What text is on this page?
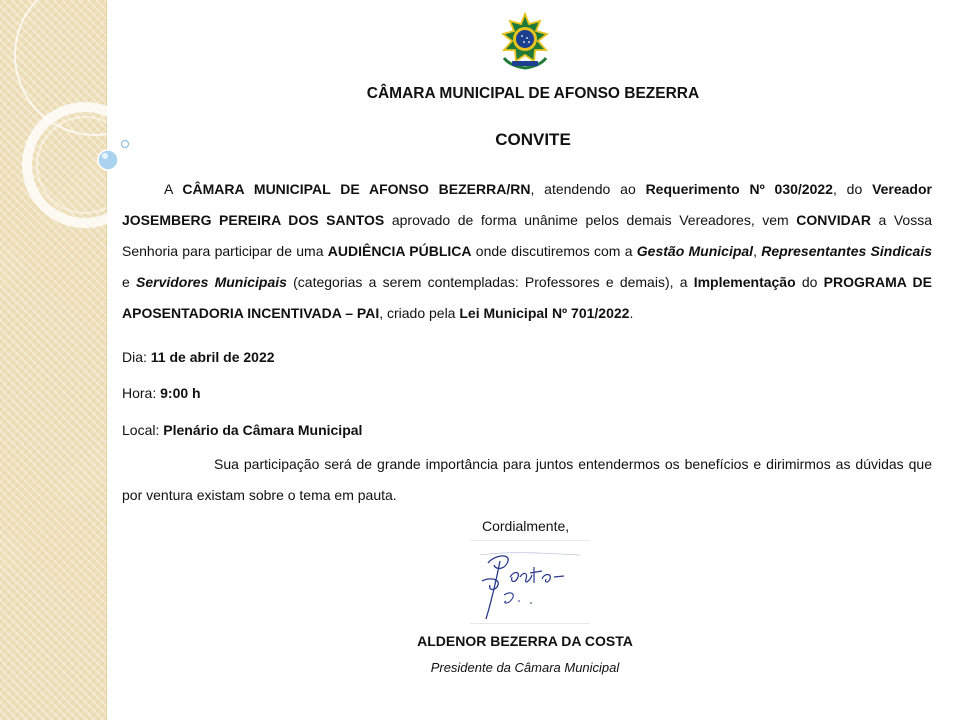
CÂMARA MUNICIPAL DE AFONSO BEZERRA
CONVITE

A CÂMARA MUNICIPAL DE AFONSO BEZERRA/RN, atendendo ao Requerimento Nº 030/2022, do Vereador JOSEMBERG PEREIRA DOS SANTOS aprovado de forma unânime pelos demais Vereadores, vem CONVIDAR a Vossa Senhoria para participar de uma AUDIÊNCIA PÚBLICA onde discutiremos com a Gestão Municipal, Representantes Sindicais e Servidores Municipais (categorias a serem contempladas: Professores e demais), a Implementação do PROGRAMA DE APOSENTADORIA INCENTIVADA – PAI, criado pela Lei Municipal Nº 701/2022.

Dia: 11 de abril de 2022
Hora: 9:00 h
Local: Plenário da Câmara Municipal
Sua participação será de grande importância para juntos entendermos os benefícios e dirimirmos as dúvidas que por ventura existam sobre o tema em pauta.
Cordialmente,
ALDENOR BEZERRA DA COSTA
Presidente da Câmara Municipal
